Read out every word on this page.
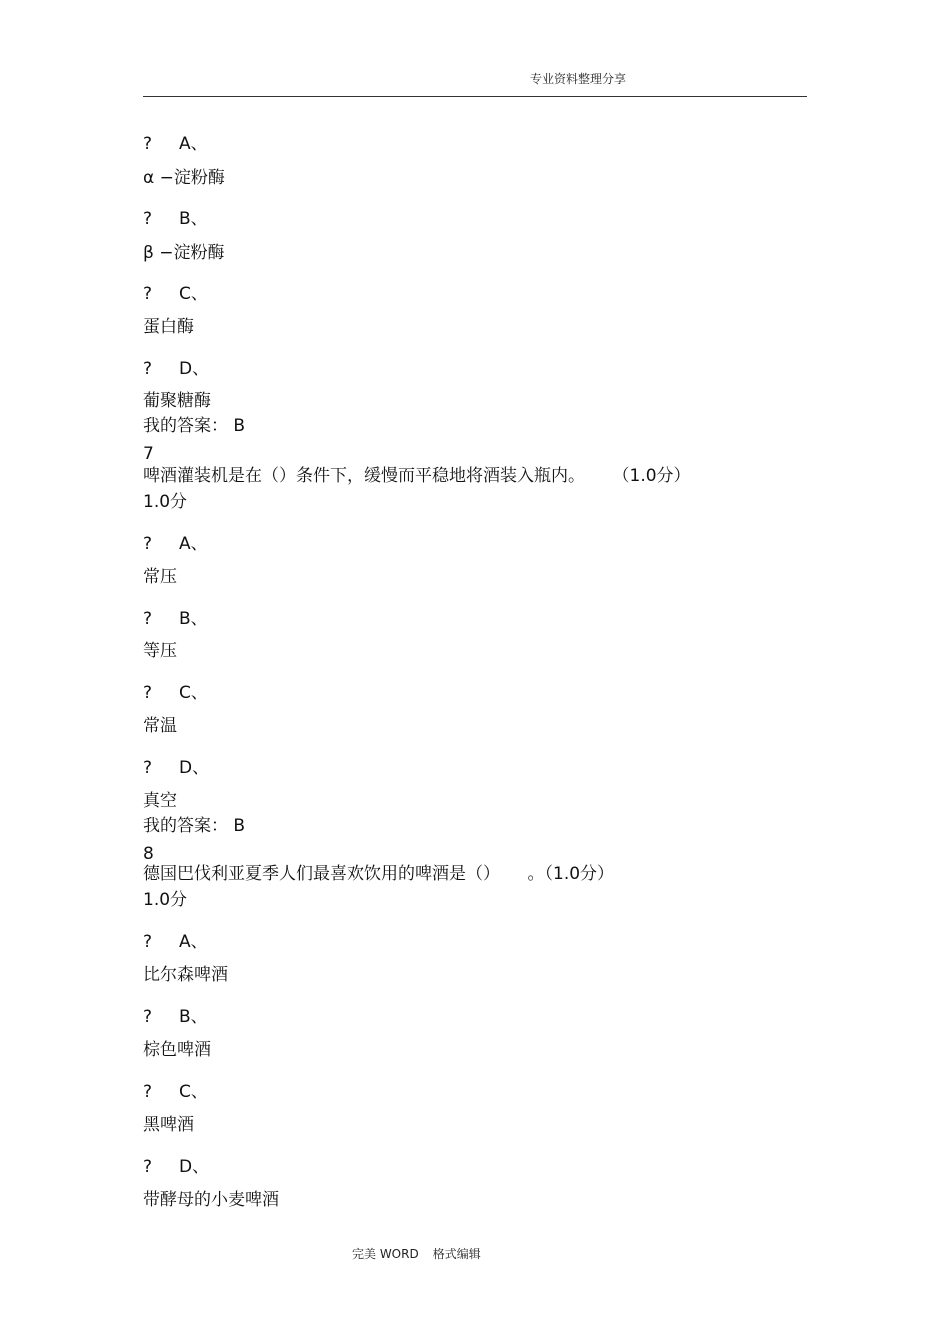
专业资料整理分享
? A、
α −淀粉酶
? B、
β −淀粉酶
? C、
蛋白酶
? D、
葡聚糖酶
我的答案： B
7
啤酒灌装机是在（）条件下，缓慢而平稳地将酒装入瓶内。 （1.0分）
1.0分
? A、
常压
? B、
等压
? C、
常温
? D、
真空
我的答案： B
8
德国巴伐利亚夏季人们最喜欢饮用的啤酒是（） 。（1.0分）
1.0分
? A、
比尔森啤酒
? B、
棕色啤酒
? C、
黑啤酒
? D、
带酵母的小麦啤酒
完美 WORD 格式编辑
